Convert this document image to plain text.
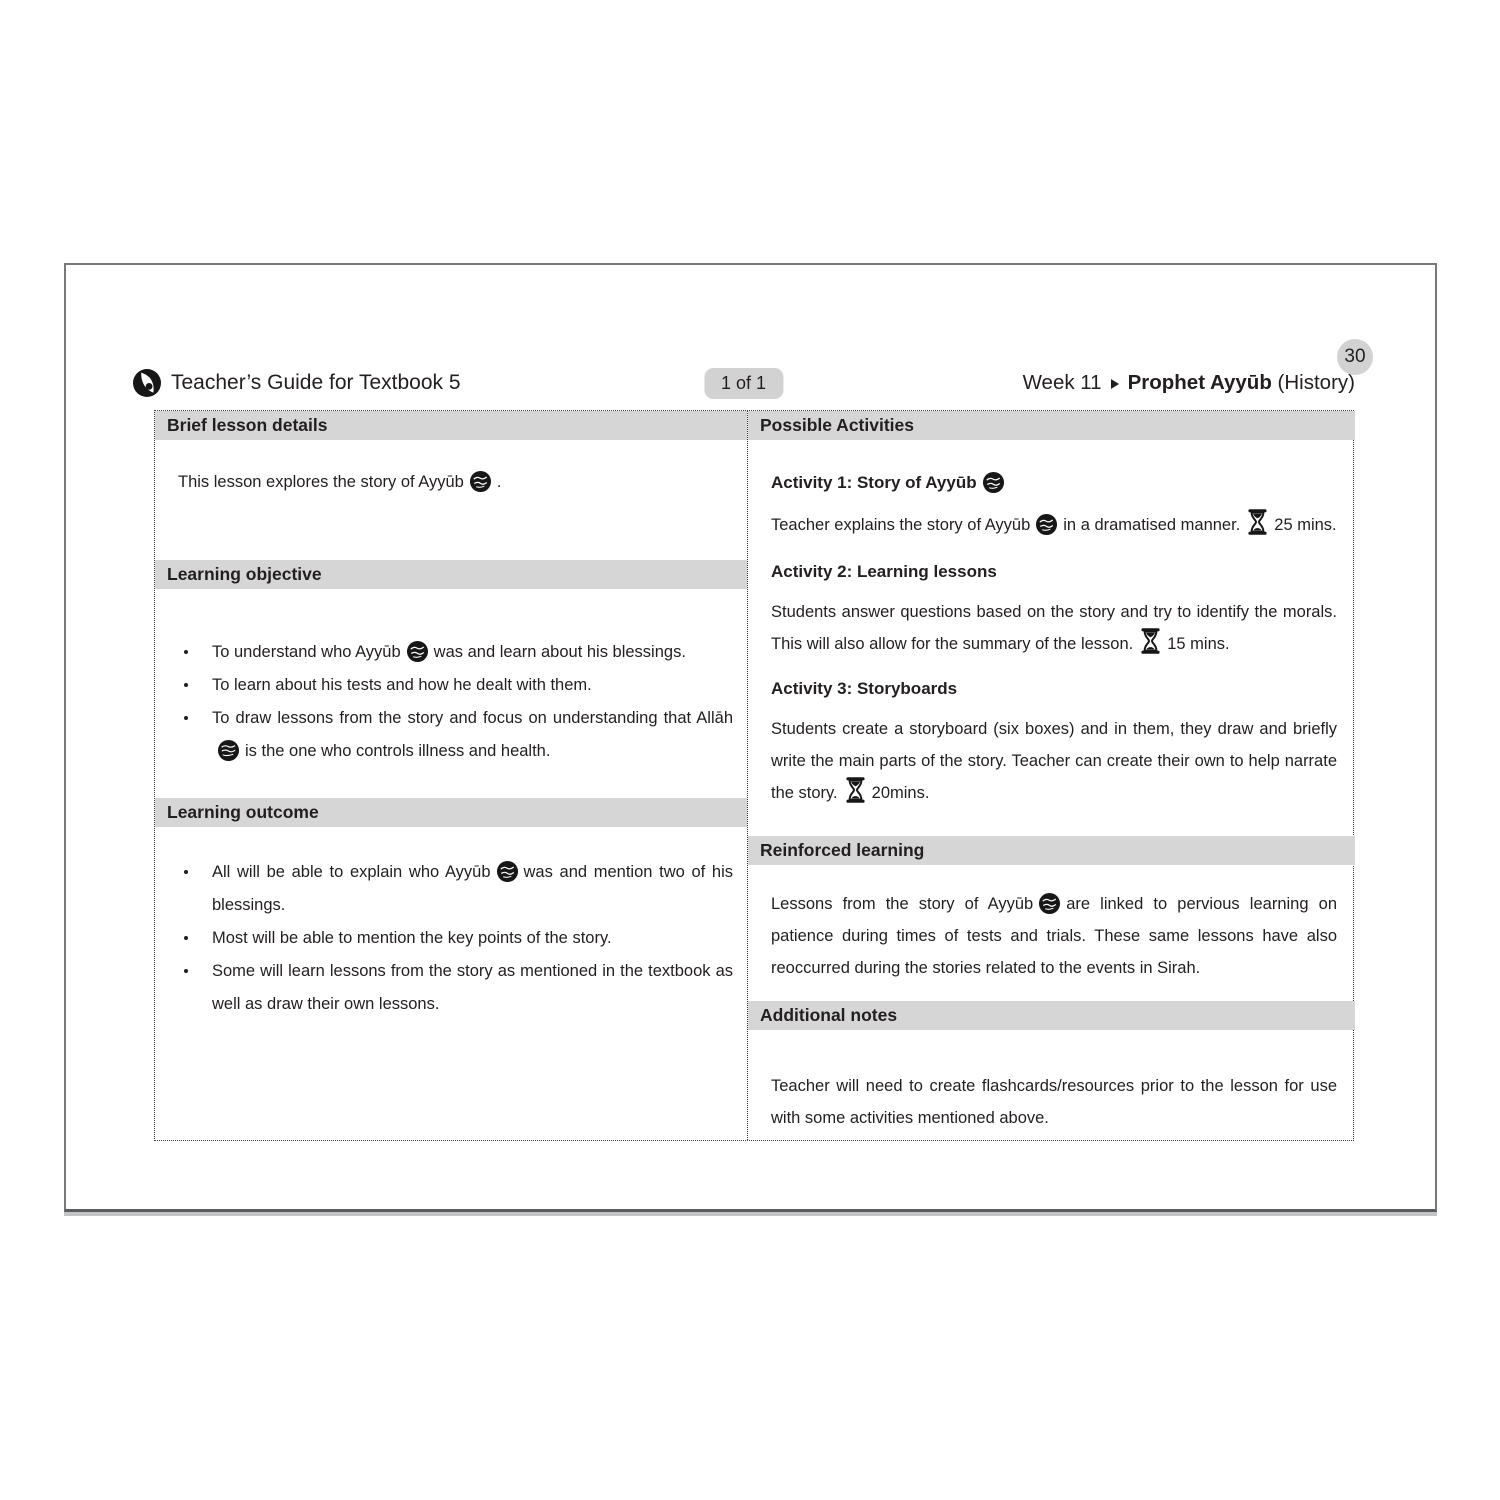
30
Teacher’s Guide for Textbook 5	1 of 1	Week 11 Prophet Ayyūb (History)
Brief lesson details

This lesson explores the story of Ayyūb .

Learning objective
To understand who Ayyūb was and learn about his blessings.
To learn about his tests and how he dealt with them.
To draw lessons from the story and focus on understanding that Allāhis the one who controls illness and health.
Learning outcome
All will be able to explain who Ayyūb was and mention two of his blessings.
Most will be able to mention the key points of the story.
Some will learn lessons from the story as mentioned in the textbook as well as draw their own lessons.
Possible Activities

Activity 1: Story of Ayyūb

Teacher explains the story of Ayyūb in a dramatised manner. 25 mins.

Activity 2: Learning lessons

Students answer questions based on the story and try to identify the morals. This will also allow for the summary of the lesson. 15 mins.

Activity 3: Storyboards

Students create a storyboard (six boxes) and in them, they draw and briefly write the main parts of the story. Teacher can create their own to help narrate the story. 20mins.

Reinforced learning

Lessons from the story of Ayyūb are linked to pervious learning on patience during times of tests and trials. These same lessons have also reoccurred during the stories related to the events in Sirah.

Additional notes

Teacher will need to create flashcards/resources prior to the lesson for use with some activities mentioned above.
